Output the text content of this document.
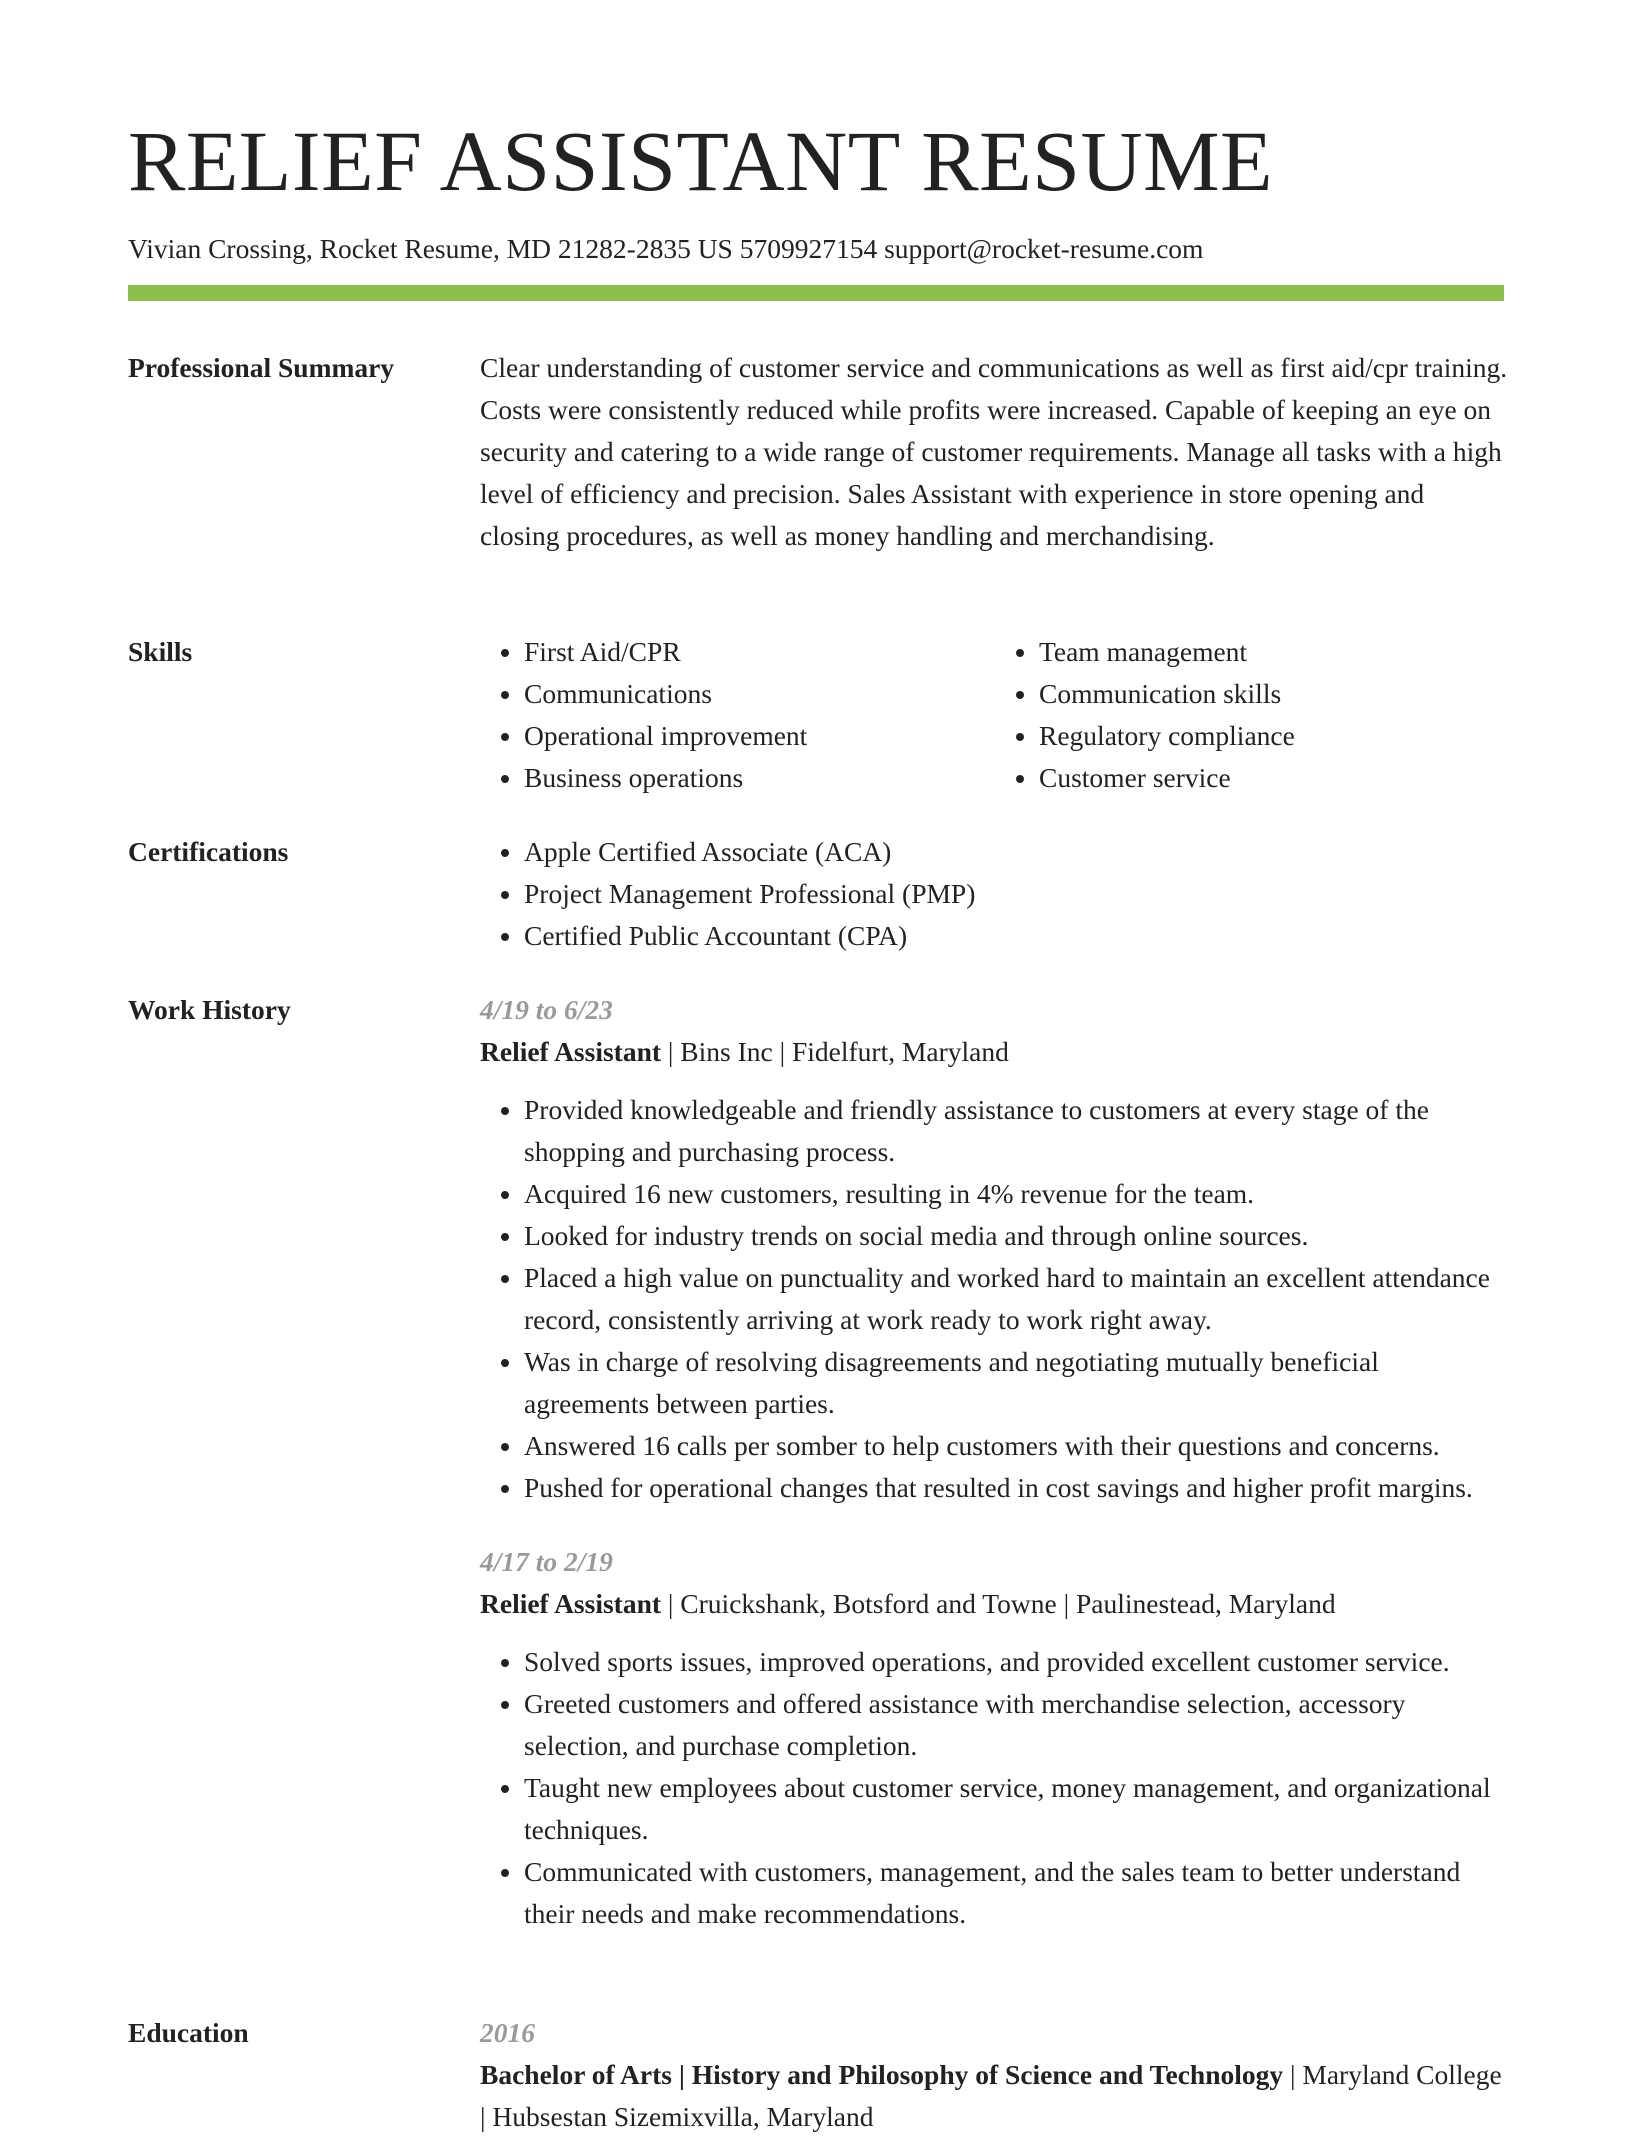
RELIEF ASSISTANT RESUME
Vivian Crossing, Rocket Resume, MD 21282-2835 US 5709927154 support@rocket-resume.com
Professional Summary	Clear understanding of customer service and communications as well as first aid/cpr training. Costs were consistently reduced while profits were increased. Capable of keeping an eye on security and catering to a wide range of customer requirements. Manage all tasks with a high level of efficiency and precision. Sales Assistant with experience in store opening and closing procedures, as well as money handling and merchandising.

Skills	• First Aid/CPR
• Communications
• Operational improvement
• Business operations
• Team management
• Communication skills
• Regulatory compliance
• Customer service
Certifications	• Apple Certified Associate (ACA)
• Project Management Professional (PMP)
• Certified Public Accountant (CPA)
Work History	4/19 to 6/23
Relief Assistant | Bins Inc | Fidelfurt, Maryland
• Provided knowledgeable and friendly assistance to customers at every stage of the shopping and purchasing process.
• Acquired 16 new customers, resulting in 4% revenue for the team.
• Looked for industry trends on social media and through online sources.
• Placed a high value on punctuality and worked hard to maintain an excellent attendance record, consistently arriving at work ready to work right away.
• Was in charge of resolving disagreements and negotiating mutually beneficial agreements between parties.
• Answered 16 calls per somber to help customers with their questions and concerns.
• Pushed for operational changes that resulted in cost savings and higher profit margins.
4/17 to 2/19
Relief Assistant | Cruickshank, Botsford and Towne | Paulinestead, Maryland
• Solved sports issues, improved operations, and provided excellent customer service.
• Greeted customers and offered assistance with merchandise selection, accessory selection, and purchase completion.
• Taught new employees about customer service, money management, and organizational techniques.
• Communicated with customers, management, and the sales team to better understand their needs and make recommendations.
Education	2016
Bachelor of Arts | History and Philosophy of Science and Technology | Maryland College | Hubsestan Sizemixvilla, Maryland
